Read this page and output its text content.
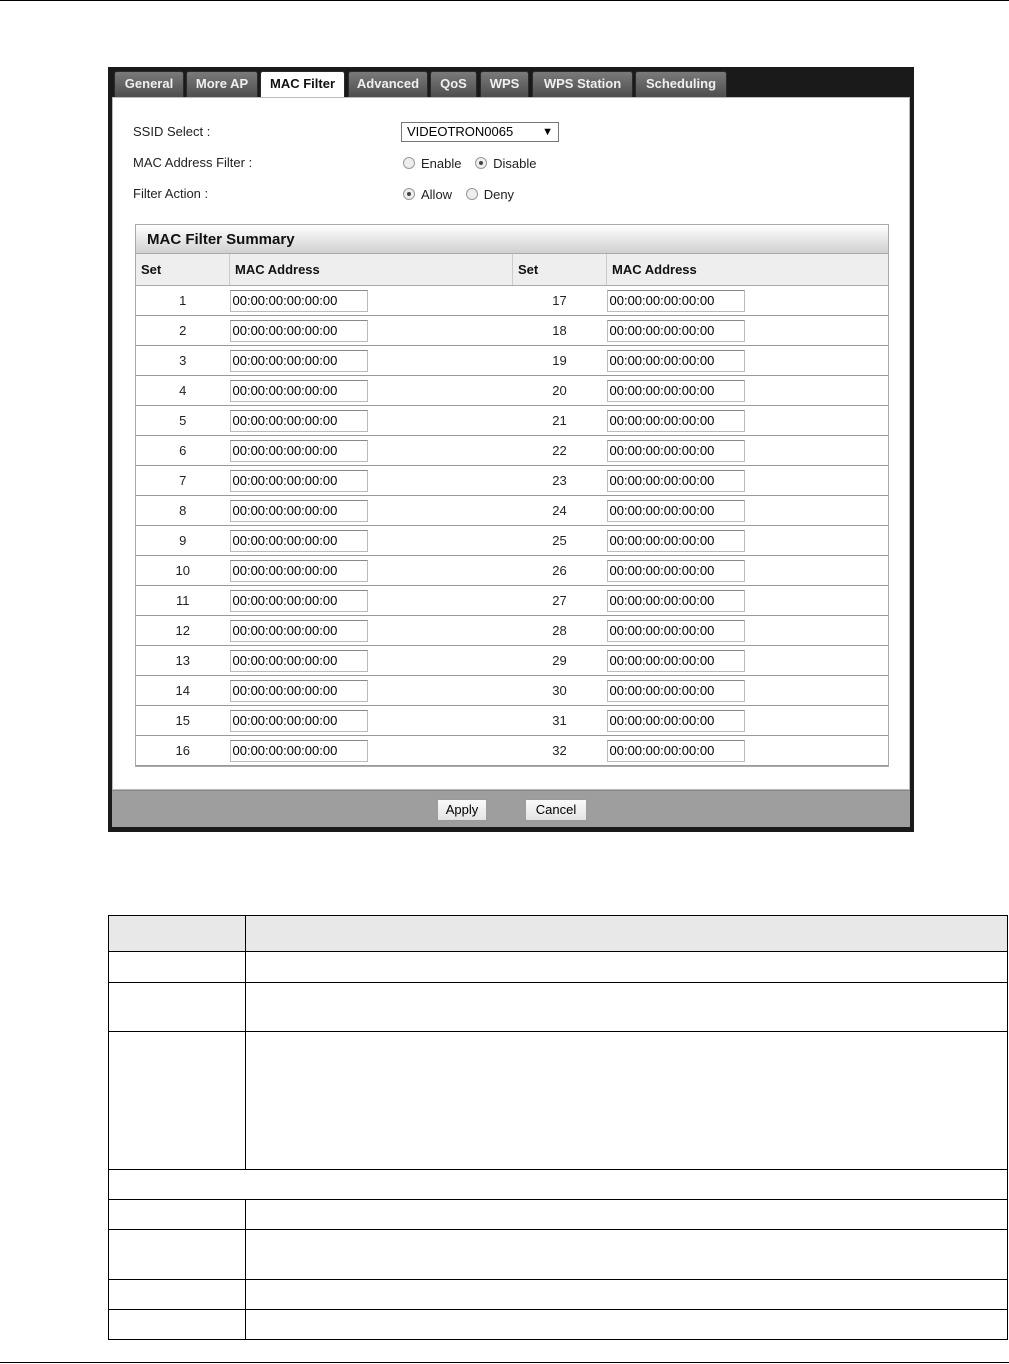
General	More AP	MAC Filter	Advanced	QoS	WPS	WPS Station	Scheduling
SSID Select :	VIDEOTRON0065	▼
MAC Address Filter :	Enable Disable
Filter Action :	Allow Deny
MAC Filter Summary
Set	MAC Address	Set	MAC Address
1	00:00:00:00:00:00	17	00:00:00:00:00:00
2	00:00:00:00:00:00	18	00:00:00:00:00:00
3	00:00:00:00:00:00	19	00:00:00:00:00:00
4	00:00:00:00:00:00	20	00:00:00:00:00:00
5	00:00:00:00:00:00	21	00:00:00:00:00:00
6	00:00:00:00:00:00	22	00:00:00:00:00:00
7	00:00:00:00:00:00	23	00:00:00:00:00:00
8	00:00:00:00:00:00	24	00:00:00:00:00:00
9	00:00:00:00:00:00	25	00:00:00:00:00:00
10	00:00:00:00:00:00	26	00:00:00:00:00:00
11	00:00:00:00:00:00	27	00:00:00:00:00:00
12	00:00:00:00:00:00	28	00:00:00:00:00:00
13	00:00:00:00:00:00	29	00:00:00:00:00:00
14	00:00:00:00:00:00	30	00:00:00:00:00:00
15	00:00:00:00:00:00	31	00:00:00:00:00:00
16	00:00:00:00:00:00	32	00:00:00:00:00:00
Apply	Cancel
